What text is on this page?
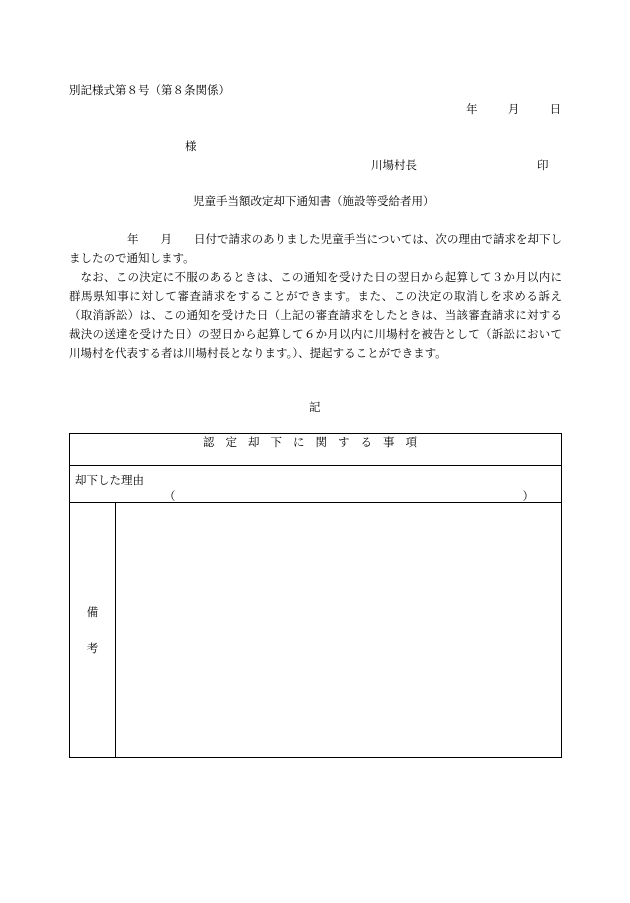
別記様式第８号（第８条関係）
年	月	日
様
川場村長	印
児童手当額改定却下通知書（施設等受給者用）

年 月 日付で請求のありました児童手当については、次の理由で請求を却下しましたので通知します。

なお、この決定に不服のあるときは、この通知を受けた日の翌日から起算して３か月以内に群馬県知事に対して審査請求をすることができます。また、この決定の取消しを求める訴え（取消訴訟）は、この通知を受けた日（上記の審査請求をしたときは、当該審査請求に対する裁決の送達を受けた日）の翌日から起算して６か月以内に川場村を被告として（訴訟において川場村を代表する者は川場村長となります。）、提起することができます。

記
認定却下に関する事項

却下した理由
（	）

備
考
